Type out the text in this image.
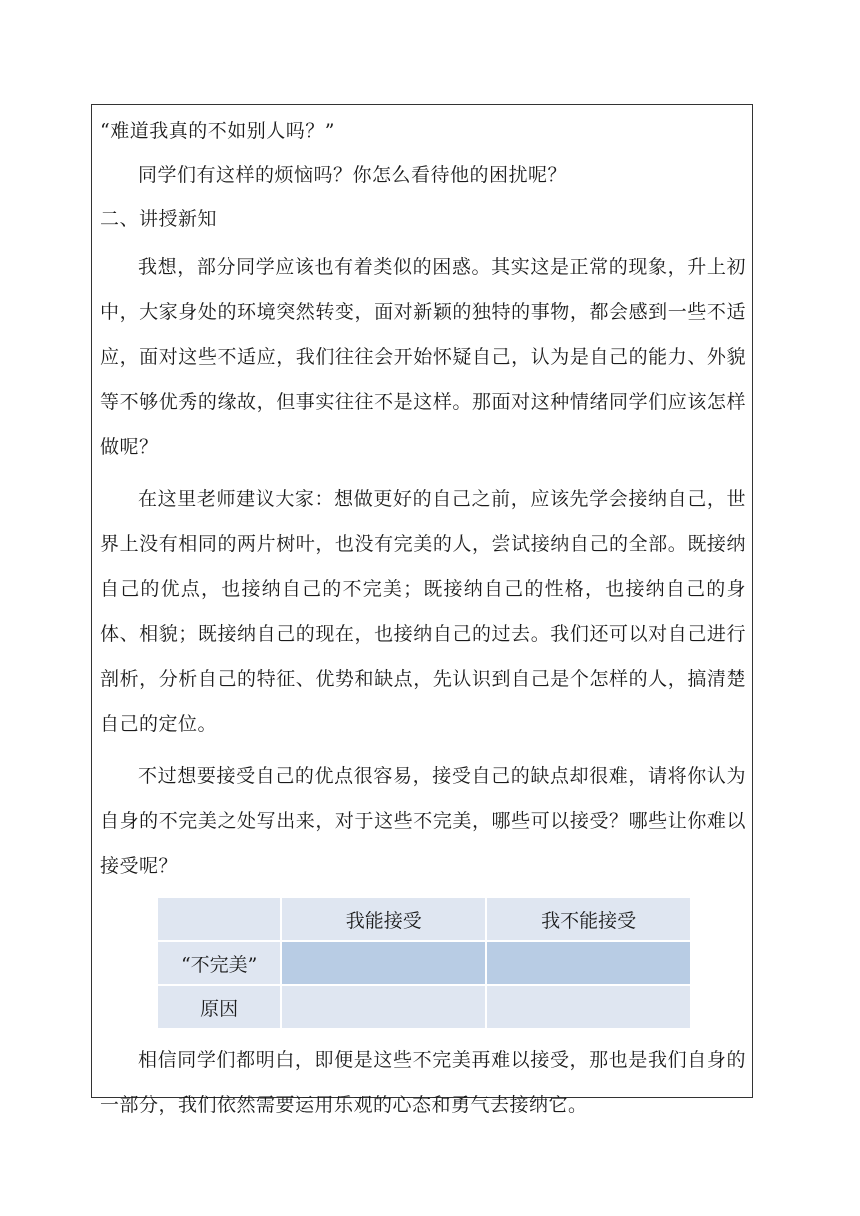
“难道我真的不如别人吗？”

同学们有这样的烦恼吗？你怎么看待他的困扰呢？

二、讲授新知

我想，部分同学应该也有着类似的困惑。其实这是正常的现象，升上初中，大家身处的环境突然转变，面对新颖的独特的事物，都会感到一些不适应，面对这些不适应，我们往往会开始怀疑自己，认为是自己的能力、外貌等不够优秀的缘故，但事实往往不是这样。那面对这种情绪同学们应该怎样做呢？

在这里老师建议大家：想做更好的自己之前，应该先学会接纳自己，世界上没有相同的两片树叶，也没有完美的人，尝试接纳自己的全部。既接纳自己的优点，也接纳自己的不完美；既接纳自己的性格，也接纳自己的身体、相貌；既接纳自己的现在，也接纳自己的过去。我们还可以对自己进行剖析，分析自己的特征、优势和缺点，先认识到自己是个怎样的人，搞清楚自己的定位。

不过想要接受自己的优点很容易，接受自己的缺点却很难，请将你认为自身的不完美之处写出来，对于这些不完美，哪些可以接受？哪些让你难以接受呢？

	我能接受	我不能接受
“不完美”		
原因		

相信同学们都明白，即便是这些不完美再难以接受，那也是我们自身的一部分，我们依然需要运用乐观的心态和勇气去接纳它。
